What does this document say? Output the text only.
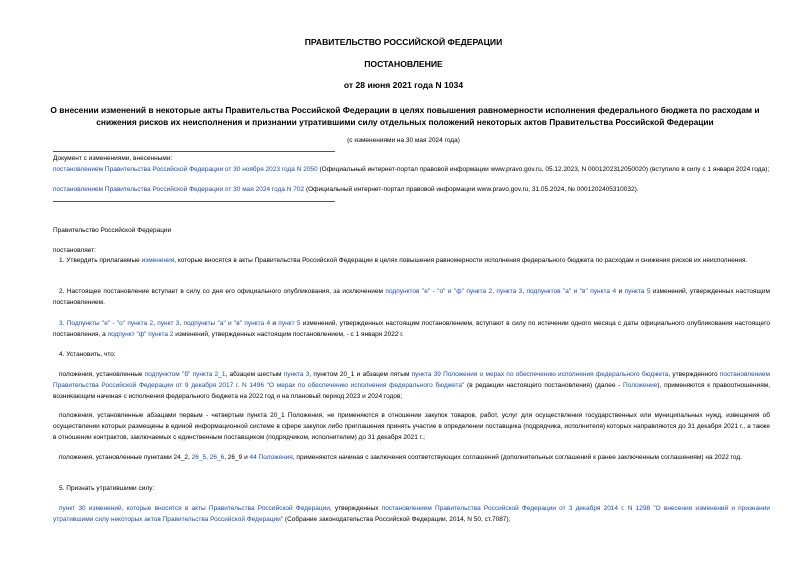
ПРАВИТЕЛЬСТВО РОССИЙСКОЙ ФЕДЕРАЦИИ
ПОСТАНОВЛЕНИЕ
от 28 июня 2021 года N 1034
О внесении изменений в некоторые акты Правительства Российской Федерации в целях повышения равномерности исполнения федерального бюджета по расходам и снижения рисков их неисполнения и признании утратившими силу отдельных положений некоторых актов Правительства Российской Федерации
(с изменениями на 30 мая 2024 года)
Документ с изменениями, внесенными:
постановлением Правительства Российской Федерации от 30 ноября 2023 года N 2050 (Официальный интернет-портал правовой информации www.pravo.gov.ru, 05.12.2023, N 0001202312050020) (вступило в силу с 1 января 2024 года);
постановлением Правительства Российской Федерации от 30 мая 2024 года N 702 (Официальный интернет-портал правовой информации www.pravo.gov.ru, 31.05.2024, № 0001202405310032).
Правительство Российской Федерации
постановляет:
1. Утвердить прилагаемые изменения, которые вносятся в акты Правительства Российской Федерации в целях повышения равномерности исполнения федерального бюджета по расходам и снижения рисков их неисполнения.
2. Настоящее постановление вступает в силу со дня его официального опубликования, за исключением подпунктов "е" - "о" и "ф" пункта 2, пункта 3, подпунктов "а" и "в" пункта 4 и пункта 5 изменений, утвержденных настоящим постановлением.
3. Подпункты "е" - "о" пункта 2, пункт 3, подпункты "а" и "в" пункта 4 и пункт 5 изменений, утвержденных настоящим постановлением, вступают в силу по истечении одного месяца с даты официального опубликования настоящего постановления, а подпункт "ф" пункта 2 изменений, утвержденных настоящим постановлением, - с 1 января 2022 г.
4. Установить, что:
положения, установленные подпунктом "б" пункта 2_1, абзацем шестым пункта 3, пунктом 20_1 и абзацем пятым пункта 39 Положения о мерах по обеспечению исполнения федерального бюджета, утвержденного постановлением Правительства Российской Федерации от 9 декабря 2017 г. N 1496 "О мерах по обеспечению исполнения федерального бюджета" (в редакции настоящего постановления) (далее - Положение), применяются к правоотношениям, возникающим начиная с исполнения федерального бюджета на 2022 год и на плановый период 2023 и 2024 годов;
положения, установленные абзацами первым - четвертым пункта 20_1 Положения, не применяются в отношении закупок товаров, работ, услуг для осуществления государственных или муниципальных нужд, извещения об осуществлении которых размещены в единой информационной системе в сфере закупок либо приглашения принять участие в определении поставщика (подрядчика, исполнителя) которых направляются до 31 декабря 2021 г., а также в отношении контрактов, заключаемых с единственным поставщиком (подрядчиком, исполнителем) до 31 декабря 2021 г.;
положения, установленные пунктами 24_2, 26_5, 26_6, 26_9 и 44 Положения, применяются начиная с заключения соответствующих соглашений (дополнительных соглашений к ранее заключенным соглашениям) на 2022 год.
5. Признать утратившими силу:
пункт 30 изменений, которые вносятся в акты Правительства Российской Федерации, утвержденных постановлением Правительства Российской Федерации от 3 декабря 2014 г. N 1298 "О внесении изменений и признании утратившими силу некоторых актов Правительства Российской Федерации" (Собрание законодательства Российской Федерации, 2014, N 50, ст.7087);
